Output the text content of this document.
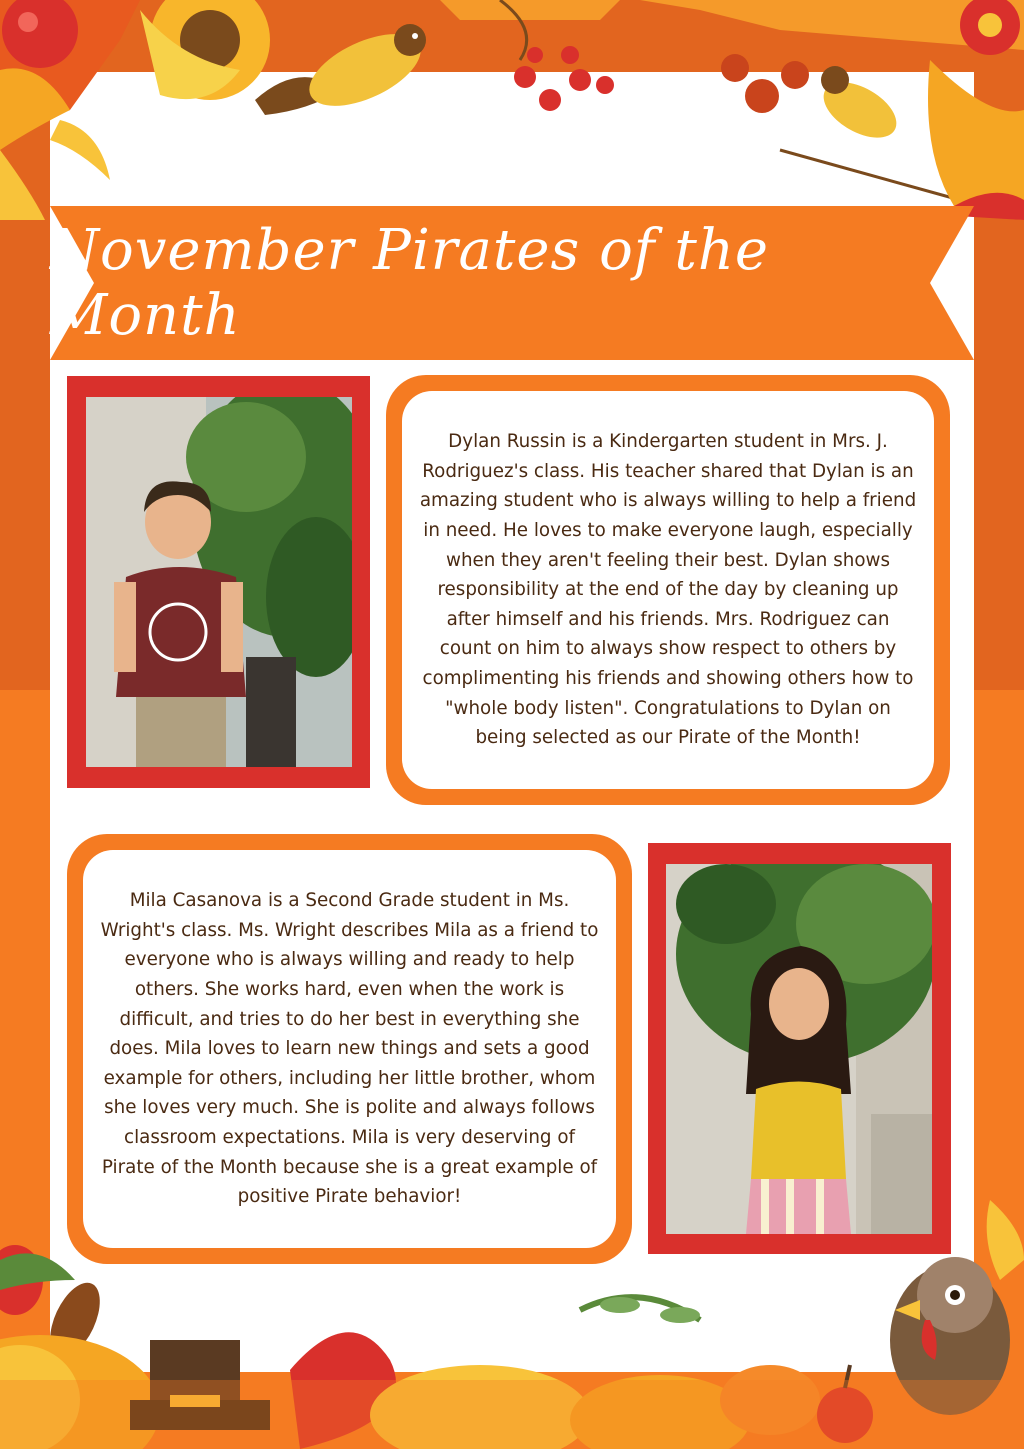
November Pirates of the Month

Dylan Russin is a Kindergarten student in Mrs. J. Rodriguez's class. His teacher shared that Dylan is an amazing student who is always willing to help a friend in need. He loves to make everyone laugh, especially when they aren't feeling their best. Dylan shows responsibility at the end of the day by cleaning up after himself and his friends. Mrs. Rodriguez can count on him to always show respect to others by complimenting his friends and showing others how to "whole body listen". Congratulations to Dylan on being selected as our Pirate of the Month!

Mila Casanova is a Second Grade student in Ms. Wright's class. Ms. Wright describes Mila as a friend to everyone who is always willing and ready to help others. She works hard, even when the work is difficult, and tries to do her best in everything she does. Mila loves to learn new things and sets a good example for others, including her little brother, whom she loves very much. She is polite and always follows classroom expectations. Mila is very deserving of Pirate of the Month because she is a great example of positive Pirate behavior!
